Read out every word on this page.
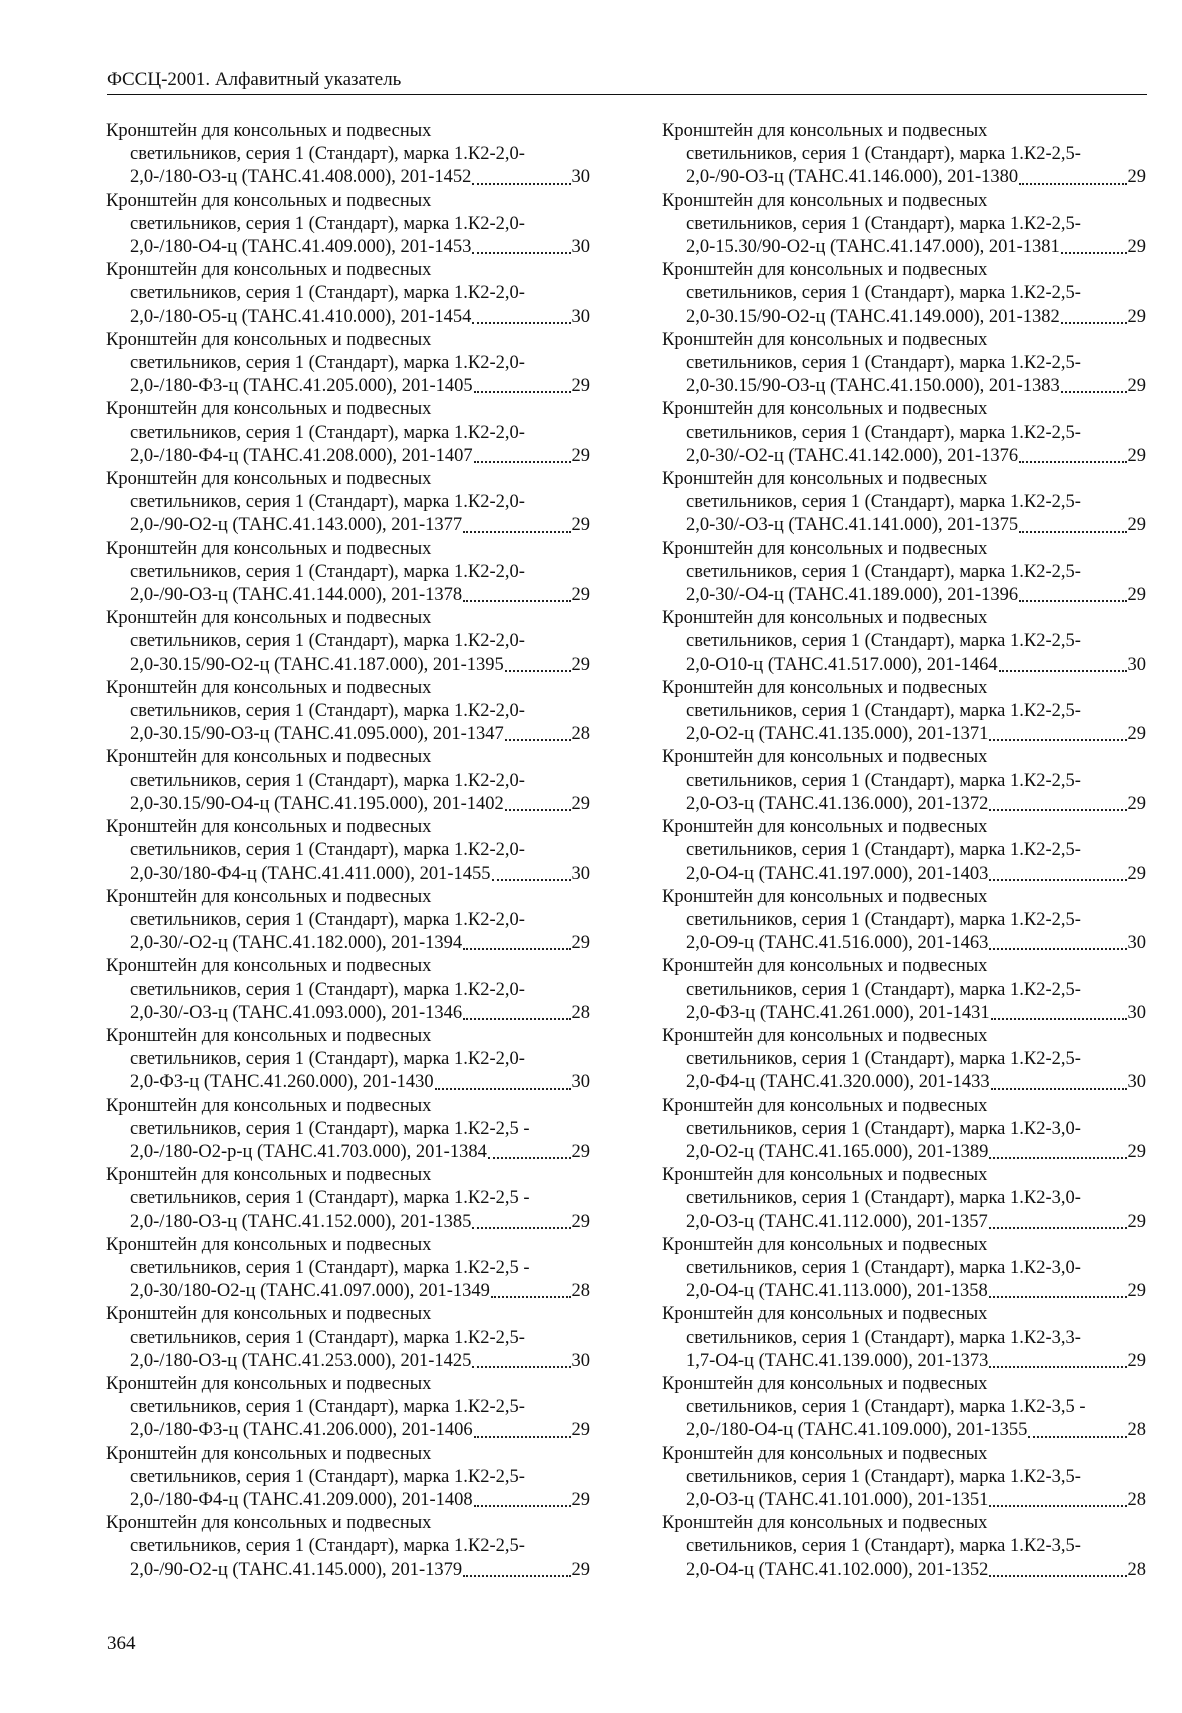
ФССЦ-2001. Алфавитный указатель
Кронштейн для консольных и подвесных
светильников, серия 1 (Стандарт), марка 1.К2-2,0-
2,0-/180-О3-ц (ТАНС.41.408.000), 201-1452	30
Кронштейн для консольных и подвесных
светильников, серия 1 (Стандарт), марка 1.К2-2,0-
2,0-/180-О4-ц (ТАНС.41.409.000), 201-1453	30
Кронштейн для консольных и подвесных
светильников, серия 1 (Стандарт), марка 1.К2-2,0-
2,0-/180-О5-ц (ТАНС.41.410.000), 201-1454	30
Кронштейн для консольных и подвесных
светильников, серия 1 (Стандарт), марка 1.К2-2,0-
2,0-/180-Ф3-ц (ТАНС.41.205.000), 201-1405	29
Кронштейн для консольных и подвесных
светильников, серия 1 (Стандарт), марка 1.К2-2,0-
2,0-/180-Ф4-ц (ТАНС.41.208.000), 201-1407	29
Кронштейн для консольных и подвесных
светильников, серия 1 (Стандарт), марка 1.К2-2,0-
2,0-/90-О2-ц (ТАНС.41.143.000), 201-1377	29
Кронштейн для консольных и подвесных
светильников, серия 1 (Стандарт), марка 1.К2-2,0-
2,0-/90-О3-ц (ТАНС.41.144.000), 201-1378	29
Кронштейн для консольных и подвесных
светильников, серия 1 (Стандарт), марка 1.К2-2,0-
2,0-30.15/90-О2-ц (ТАНС.41.187.000), 201-1395	29
Кронштейн для консольных и подвесных
светильников, серия 1 (Стандарт), марка 1.К2-2,0-
2,0-30.15/90-О3-ц (ТАНС.41.095.000), 201-1347	28
Кронштейн для консольных и подвесных
светильников, серия 1 (Стандарт), марка 1.К2-2,0-
2,0-30.15/90-О4-ц (ТАНС.41.195.000), 201-1402	29
Кронштейн для консольных и подвесных
светильников, серия 1 (Стандарт), марка 1.К2-2,0-
2,0-30/180-Ф4-ц (ТАНС.41.411.000), 201-1455	30
Кронштейн для консольных и подвесных
светильников, серия 1 (Стандарт), марка 1.К2-2,0-
2,0-30/-О2-ц (ТАНС.41.182.000), 201-1394	29
Кронштейн для консольных и подвесных
светильников, серия 1 (Стандарт), марка 1.К2-2,0-
2,0-30/-О3-ц (ТАНС.41.093.000), 201-1346	28
Кронштейн для консольных и подвесных
светильников, серия 1 (Стандарт), марка 1.К2-2,0-
2,0-Ф3-ц (ТАНС.41.260.000), 201-1430	30
Кронштейн для консольных и подвесных
светильников, серия 1 (Стандарт), марка 1.К2-2,5 -
2,0-/180-О2-р-ц (ТАНС.41.703.000), 201-1384	29
Кронштейн для консольных и подвесных
светильников, серия 1 (Стандарт), марка 1.К2-2,5 -
2,0-/180-О3-ц (ТАНС.41.152.000), 201-1385	29
Кронштейн для консольных и подвесных
светильников, серия 1 (Стандарт), марка 1.К2-2,5 -
2,0-30/180-О2-ц (ТАНС.41.097.000), 201-1349	28
Кронштейн для консольных и подвесных
светильников, серия 1 (Стандарт), марка 1.К2-2,5-
2,0-/180-О3-ц (ТАНС.41.253.000), 201-1425	30
Кронштейн для консольных и подвесных
светильников, серия 1 (Стандарт), марка 1.К2-2,5-
2,0-/180-Ф3-ц (ТАНС.41.206.000), 201-1406	29
Кронштейн для консольных и подвесных
светильников, серия 1 (Стандарт), марка 1.К2-2,5-
2,0-/180-Ф4-ц (ТАНС.41.209.000), 201-1408	29
Кронштейн для консольных и подвесных
светильников, серия 1 (Стандарт), марка 1.К2-2,5-
2,0-/90-О2-ц (ТАНС.41.145.000), 201-1379	29
Кронштейн для консольных и подвесных
светильников, серия 1 (Стандарт), марка 1.К2-2,5-
2,0-/90-О3-ц (ТАНС.41.146.000), 201-1380	29
Кронштейн для консольных и подвесных
светильников, серия 1 (Стандарт), марка 1.К2-2,5-
2,0-15.30/90-О2-ц (ТАНС.41.147.000), 201-1381	29
Кронштейн для консольных и подвесных
светильников, серия 1 (Стандарт), марка 1.К2-2,5-
2,0-30.15/90-О2-ц (ТАНС.41.149.000), 201-1382	29
Кронштейн для консольных и подвесных
светильников, серия 1 (Стандарт), марка 1.К2-2,5-
2,0-30.15/90-О3-ц (ТАНС.41.150.000), 201-1383	29
Кронштейн для консольных и подвесных
светильников, серия 1 (Стандарт), марка 1.К2-2,5-
2,0-30/-О2-ц (ТАНС.41.142.000), 201-1376	29
Кронштейн для консольных и подвесных
светильников, серия 1 (Стандарт), марка 1.К2-2,5-
2,0-30/-О3-ц (ТАНС.41.141.000), 201-1375	29
Кронштейн для консольных и подвесных
светильников, серия 1 (Стандарт), марка 1.К2-2,5-
2,0-30/-О4-ц (ТАНС.41.189.000), 201-1396	29
Кронштейн для консольных и подвесных
светильников, серия 1 (Стандарт), марка 1.К2-2,5-
2,0-О10-ц (ТАНС.41.517.000), 201-1464	30
Кронштейн для консольных и подвесных
светильников, серия 1 (Стандарт), марка 1.К2-2,5-
2,0-О2-ц (ТАНС.41.135.000), 201-1371	29
Кронштейн для консольных и подвесных
светильников, серия 1 (Стандарт), марка 1.К2-2,5-
2,0-О3-ц (ТАНС.41.136.000), 201-1372	29
Кронштейн для консольных и подвесных
светильников, серия 1 (Стандарт), марка 1.К2-2,5-
2,0-О4-ц (ТАНС.41.197.000), 201-1403	29
Кронштейн для консольных и подвесных
светильников, серия 1 (Стандарт), марка 1.К2-2,5-
2,0-О9-ц (ТАНС.41.516.000), 201-1463	30
Кронштейн для консольных и подвесных
светильников, серия 1 (Стандарт), марка 1.К2-2,5-
2,0-Ф3-ц (ТАНС.41.261.000), 201-1431	30
Кронштейн для консольных и подвесных
светильников, серия 1 (Стандарт), марка 1.К2-2,5-
2,0-Ф4-ц (ТАНС.41.320.000), 201-1433	30
Кронштейн для консольных и подвесных
светильников, серия 1 (Стандарт), марка 1.К2-3,0-
2,0-О2-ц (ТАНС.41.165.000), 201-1389	29
Кронштейн для консольных и подвесных
светильников, серия 1 (Стандарт), марка 1.К2-3,0-
2,0-О3-ц (ТАНС.41.112.000), 201-1357	29
Кронштейн для консольных и подвесных
светильников, серия 1 (Стандарт), марка 1.К2-3,0-
2,0-О4-ц (ТАНС.41.113.000), 201-1358	29
Кронштейн для консольных и подвесных
светильников, серия 1 (Стандарт), марка 1.К2-3,3-
1,7-О4-ц (ТАНС.41.139.000), 201-1373	29
Кронштейн для консольных и подвесных
светильников, серия 1 (Стандарт), марка 1.К2-3,5 -
2,0-/180-О4-ц (ТАНС.41.109.000), 201-1355	28
Кронштейн для консольных и подвесных
светильников, серия 1 (Стандарт), марка 1.К2-3,5-
2,0-О3-ц (ТАНС.41.101.000), 201-1351	28
Кронштейн для консольных и подвесных
светильников, серия 1 (Стандарт), марка 1.К2-3,5-
2,0-О4-ц (ТАНС.41.102.000), 201-1352	28
364
